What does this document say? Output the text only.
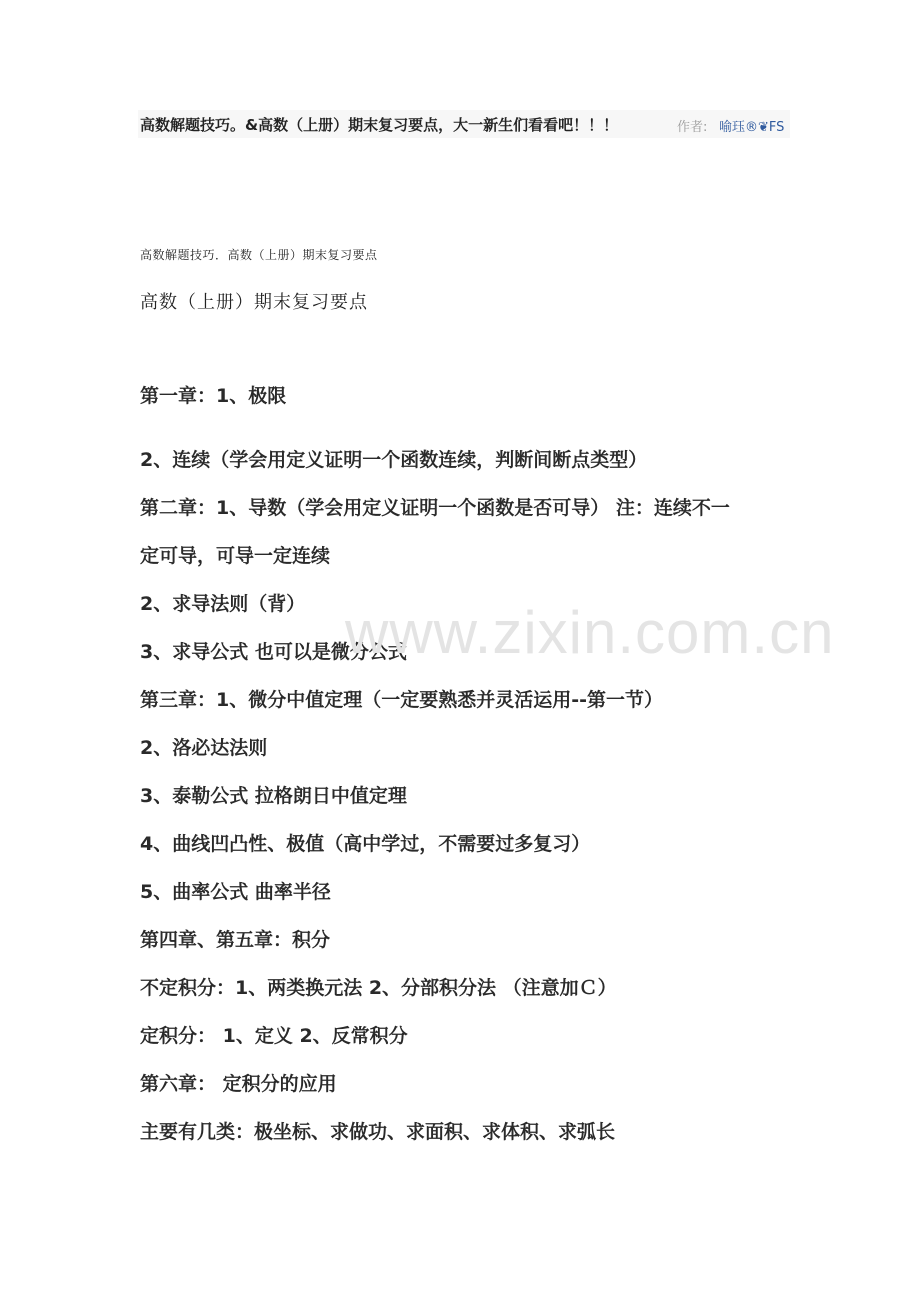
高数解题技巧。&高数（上册）期末复习要点，大一新生们看看吧！！！	作者: 喻珏®❦FS
高数解题技巧．高数（上册）期末复习要点
高数（上册）期末复习要点
第一章：1、极限
2、连续（学会用定义证明一个函数连续，判断间断点类型）
第二章：1、导数（学会用定义证明一个函数是否可导） 注：连续不一
定可导，可导一定连续
2、求导法则（背）
3、求导公式 也可以是微分公式
第三章：1、微分中值定理（一定要熟悉并灵活运用--第一节）
2、洛必达法则
3、泰勒公式 拉格朗日中值定理
4、曲线凹凸性、极值（高中学过，不需要过多复习）
5、曲率公式 曲率半径
第四章、第五章：积分
不定积分：1、两类换元法 2、分部积分法 （注意加Ｃ）
定积分： 1、定义 2、反常积分
第六章： 定积分的应用
主要有几类：极坐标、求做功、求面积、求体积、求弧长
www.zixin.com.cn
